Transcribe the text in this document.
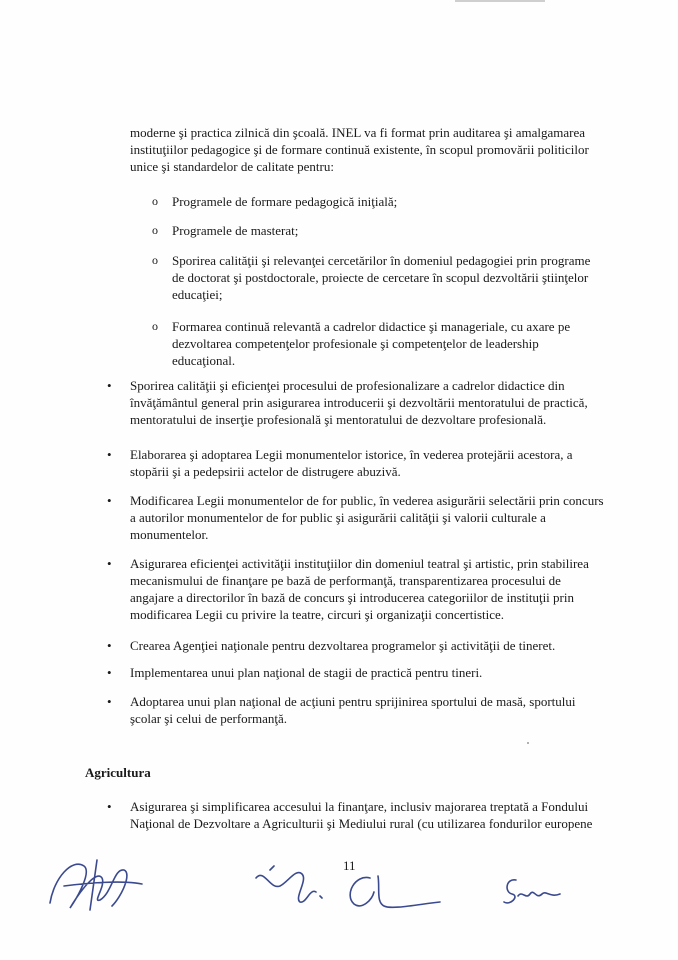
moderne şi practica zilnică din şcoală. INEL va fi format prin auditarea şi amalgamarea instituţiilor pedagogice şi de formare continuă existente, în scopul promovării politicilor unice şi standardelor de calitate pentru:

o Programele de formare pedagogică iniţială;

o Programele de masterat;

o Sporirea calităţii şi relevanţei cercetărilor în domeniul pedagogiei prin programe de doctorat şi postdoctorale, proiecte de cercetare în scopul dezvoltării ştiinţelor educaţiei;

o Formarea continuă relevantă a cadrelor didactice şi manageriale, cu axare pe dezvoltarea competenţelor profesionale şi competenţelor de leadership educaţional.

• Sporirea calităţii şi eficienţei procesului de profesionalizare a cadrelor didactice din învăţământul general prin asigurarea introducerii şi dezvoltării mentoratului de practică, mentoratului de inserţie profesională şi mentoratului de dezvoltare profesională.

• Elaborarea şi adoptarea Legii monumentelor istorice, în vederea protejării acestora, a stopării şi a pedepsirii actelor de distrugere abuzivă.

• Modificarea Legii monumentelor de for public, în vederea asigurării selectării prin concurs a autorilor monumentelor de for public şi asigurării calităţii şi valorii culturale a monumentelor.

• Asigurarea eficienţei activităţii instituţiilor din domeniul teatral şi artistic, prin stabilirea mecanismului de finanţare pe bază de performanţă, transparentizarea procesului de angajare a directorilor în bază de concurs şi introducerea categoriilor de instituţii prin modificarea Legii cu privire la teatre, circuri şi organizaţii concertistice.

• Crearea Agenţiei naţionale pentru dezvoltarea programelor şi activităţii de tineret.

• Implementarea unui plan naţional de stagii de practică pentru tineri.

• Adoptarea unui plan naţional de acţiuni pentru sprijinirea sportului de masă, sportului şcolar şi celui de performanţă.

Agricultura
• Asigurarea şi simplificarea accesului la finanţare, inclusiv majorarea treptată a Fondului Naţional de Dezvoltare a Agriculturii şi Mediului rural (cu utilizarea fondurilor europene

11
